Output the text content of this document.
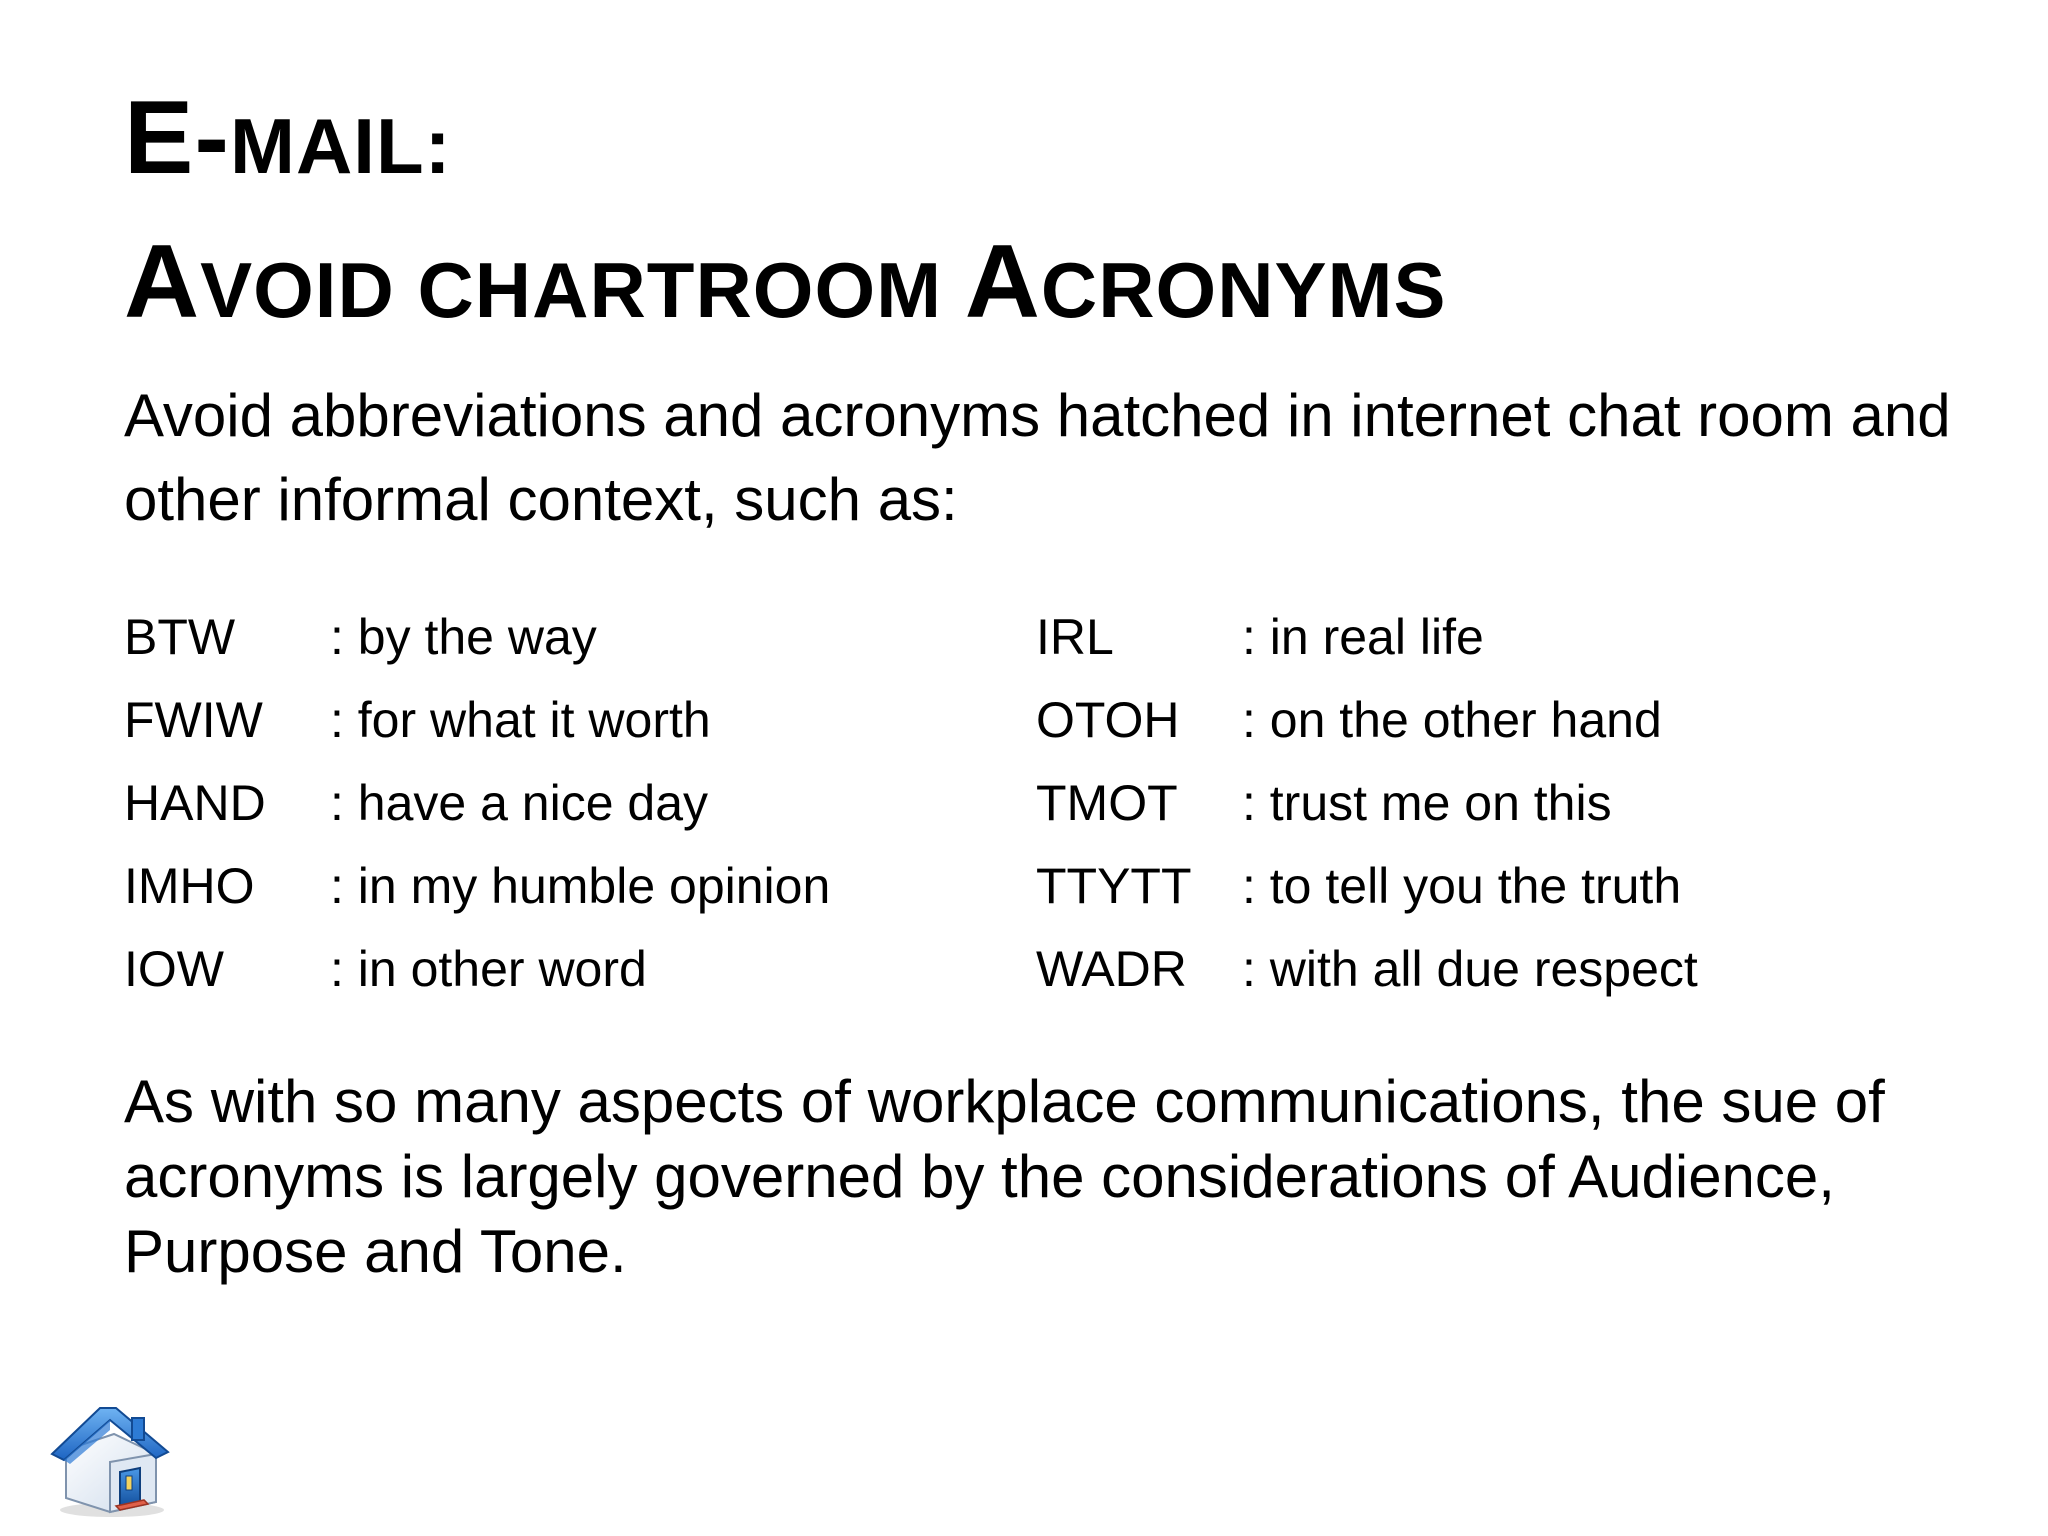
E-MAIL:
AVOID CHARTROOM ACRONYMS
Avoid abbreviations and acronyms hatched in internet chat room and other informal context, such as:
BTW : by the way
FWIW : for what it worth
HAND : have a nice day
IMHO : in my humble opinion
IOW : in other word
IRL	: in real life
OTOH : on the other hand
TMOT : trust me on this
TTYTT : to tell you the truth
WADR : with all due respect
As with so many aspects of workplace communications, the sue of acronyms is largely governed by the considerations of Audience, Purpose and Tone.
